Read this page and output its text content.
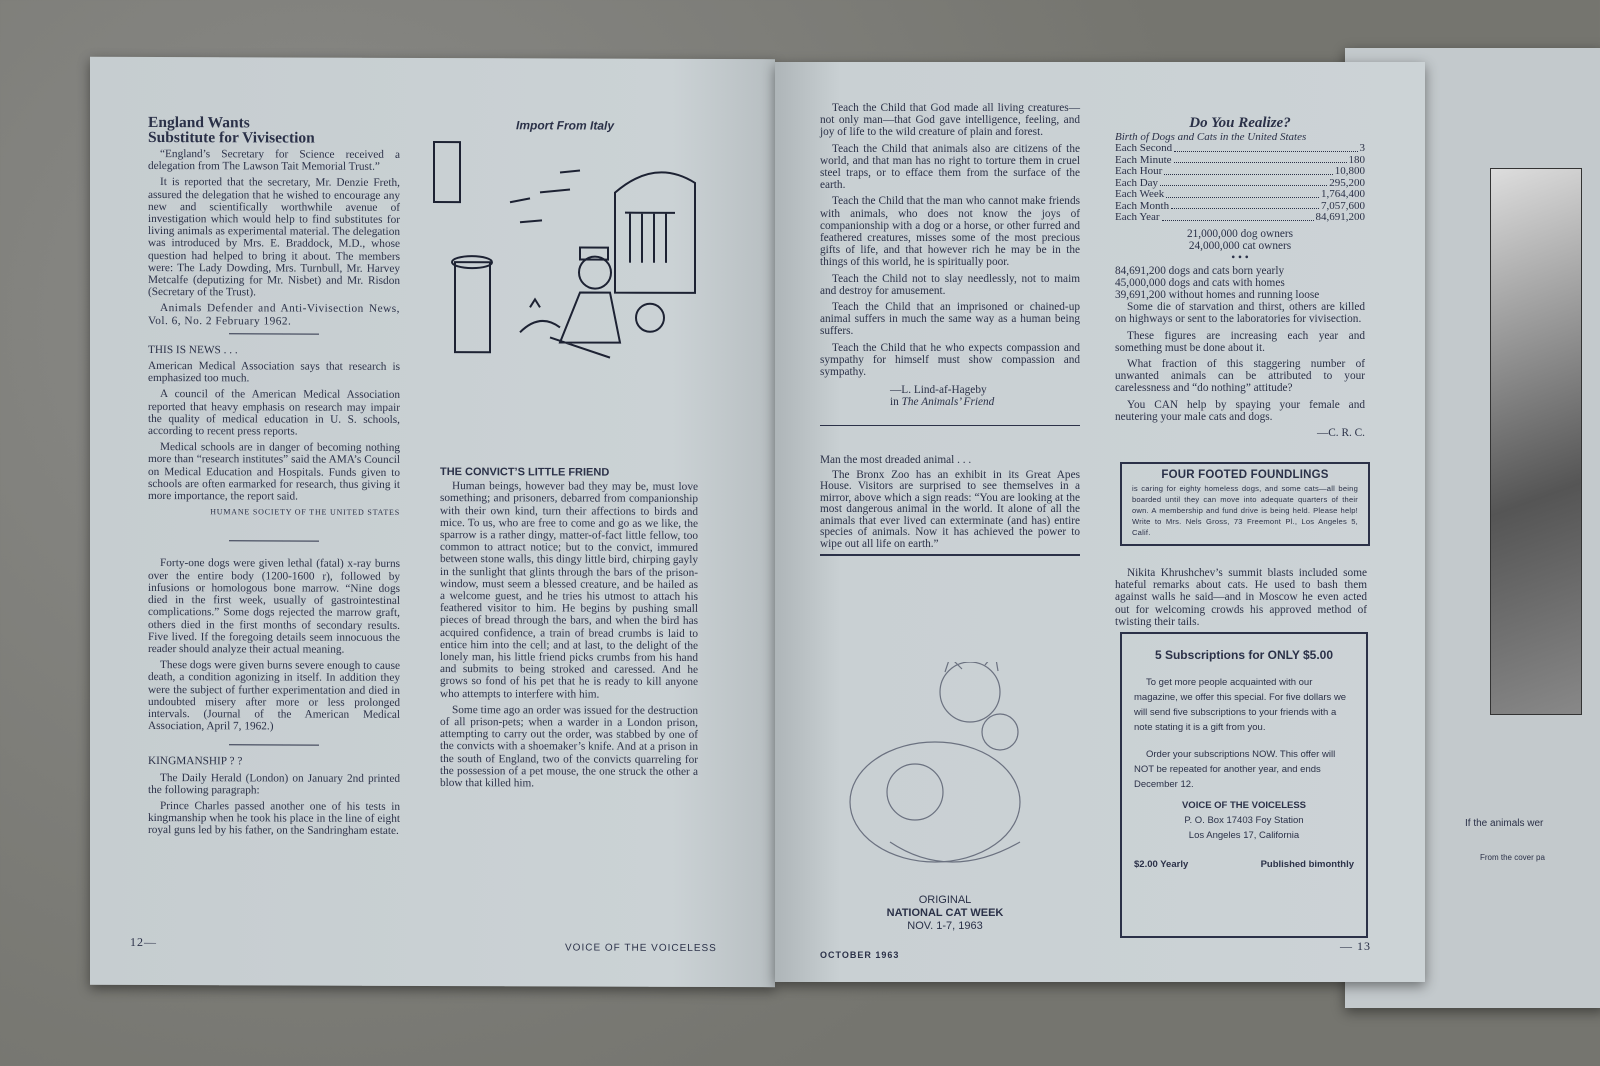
If the animals wer
From the cover pa
England Wants
Substitute for Vivisection

“England’s Secretary for Science received a delegation from The Lawson Tait Memorial Trust.”

It is reported that the secretary, Mr. Denzie Freth, assured the delegation that he wished to encourage any new and scientifically worthwhile avenue of investigation which would help to find substitutes for living animals as experimental material. The delegation was introduced by Mrs. E. Braddock, M.D., whose question had helped to bring it about. The members were: The Lady Dowding, Mrs. Turnbull, Mr. Harvey Metcalfe (deputizing for Mr. Nisbet) and Mr. Risdon (Secretary of the Trust).

Animals Defender and Anti-Vivisection News, Vol. 6, No. 2 February 1962.

THIS IS NEWS . . .

American Medical Association says that research is emphasized too much.

A council of the American Medical Association reported that heavy emphasis on research may impair the quality of medical education in U. S. schools, according to recent press reports.

Medical schools are in danger of becoming nothing more than “research institutes” said the AMA’s Council on Medical Education and Hospitals. Funds given to schools are often earmarked for research, thus giving it more importance, the report said.

HUMANE SOCIETY OF THE UNITED STATES

Forty-one dogs were given lethal (fatal) x-ray burns over the entire body (1200-1600 r), followed by infusions or homologous bone marrow. “Nine dogs died in the first week, usually of gastrointestinal complications.” Some dogs rejected the marrow graft, others died in the first months of secondary results. Five lived. If the foregoing details seem innocuous the reader should analyze their actual meaning.

These dogs were given burns severe enough to cause death, a condition agonizing in itself. In addition they were the subject of further experimentation and died in undoubted misery after more or less prolonged intervals. (Journal of the American Medical Association, April 7, 1962.)

KINGMANSHIP ? ?

The Daily Herald (London) on January 2nd printed the following paragraph:

Prince Charles passed another one of his tests in kingmanship when he took his place in the line of eight royal guns led by his father, on the Sandringham estate.

Import From Italy
THE CONVICT’S LITTLE FRIEND

Human beings, however bad they may be, must love something; and prisoners, debarred from companionship with their own kind, turn their affections to birds and mice. To us, who are free to come and go as we like, the sparrow is a rather dingy, matter-of-fact little fellow, too common to attract notice; but to the convict, immured between stone walls, this dingy little bird, chirping gayly in the sunlight that glints through the bars of the prison-window, must seem a blessed creature, and be hailed as a welcome guest, and he tries his utmost to attach his feathered visitor to him. He begins by pushing small pieces of bread through the bars, and when the bird has acquired confidence, a train of bread crumbs is laid to entice him into the cell; and at last, to the delight of the lonely man, his little friend picks crumbs from his hand and submits to being stroked and caressed. And he grows so fond of his pet that he is ready to kill anyone who attempts to interfere with him.

Some time ago an order was issued for the destruction of all prison-pets; when a warder in a London prison, attempting to carry out the order, was stabbed by one of the convicts with a shoemaker’s knife. And at a prison in the south of England, two of the convicts quarreling for the possession of a pet mouse, the one struck the other a blow that killed him.

12—	VOICE OF THE VOICELESS

Teach the Child that God made all living creatures—not only man—that God gave intelligence, feeling, and joy of life to the wild creature of plain and forest.

Teach the Child that animals also are citizens of the world, and that man has no right to torture them in cruel steel traps, or to efface them from the surface of the earth.

Teach the Child that the man who cannot make friends with animals, who does not know the joys of companionship with a dog or a horse, or other furred and feathered creatures, misses some of the most precious gifts of life, and that however rich he may be in the things of this world, he is spiritually poor.

Teach the Child not to slay needlessly, not to maim and destroy for amusement.

Teach the Child that an imprisoned or chained-up animal suffers in much the same way as a human being suffers.

Teach the Child that he who expects compassion and sympathy for himself must show compassion and sympathy.

—L. Lind-af-Hageby
in The Animals’ Friend

Man the most dreaded animal . . .

The Bronx Zoo has an exhibit in its Great Apes House. Visitors are surprised to see themselves in a mirror, above which a sign reads: “You are looking at the most dangerous animal in the world. It alone of all the animals that ever lived can exterminate (and has) entire species of animals. Now it has achieved the power to wipe out all life on earth.”

ORIGINAL
NATIONAL CAT WEEK
NOV. 1-7, 1963
Do You Realize?
Birth of Dogs and Cats in the United States
Each Second	3
Each Minute	180
Each Hour	10,800
Each Day	295,200
Each Week	1,764,400
Each Month	7,057,600
Each Year	84,691,200
21,000,000 dog owners
24,000,000 cat owners
• • •
84,691,200 dogs and cats born yearly
45,000,000 dogs and cats with homes
39,691,200 without homes and running loose

Some die of starvation and thirst, others are killed on highways or sent to the laboratories for vivisection.

These figures are increasing each year and something must be done about it.

What fraction of this staggering number of unwanted animals can be attributed to your carelessness and “do nothing” attitude?

You CAN help by spaying your female and neutering your male cats and dogs.

—C. R. C.
FOUR FOOTED FOUNDLINGS
is caring for eighty homeless dogs, and some cats—all being boarded until they can move into adequate quarters of their own. A membership and fund drive is being held. Please help! Write to Mrs. Nels Gross, 73 Freemont Pl., Los Angeles 5, Calif.

Nikita Khrushchev’s summit blasts included some hateful remarks about cats. He used to bash them against walls he said—and in Moscow he even acted out for welcoming crowds his approved method of twisting their tails.

5 Subscriptions for ONLY $5.00
To get more people acquainted with our magazine, we offer this special. For five dollars we will send five subscriptions to your friends with a note stating it is a gift from you.
Order your subscriptions NOW. This offer will NOT be repeated for another year, and ends December 12.
VOICE OF THE VOICELESS
P. O. Box 17403 Foy Station
Los Angeles 17, California
$2.00 Yearly	Published bimonthly
OCTOBER 1963
— 13
